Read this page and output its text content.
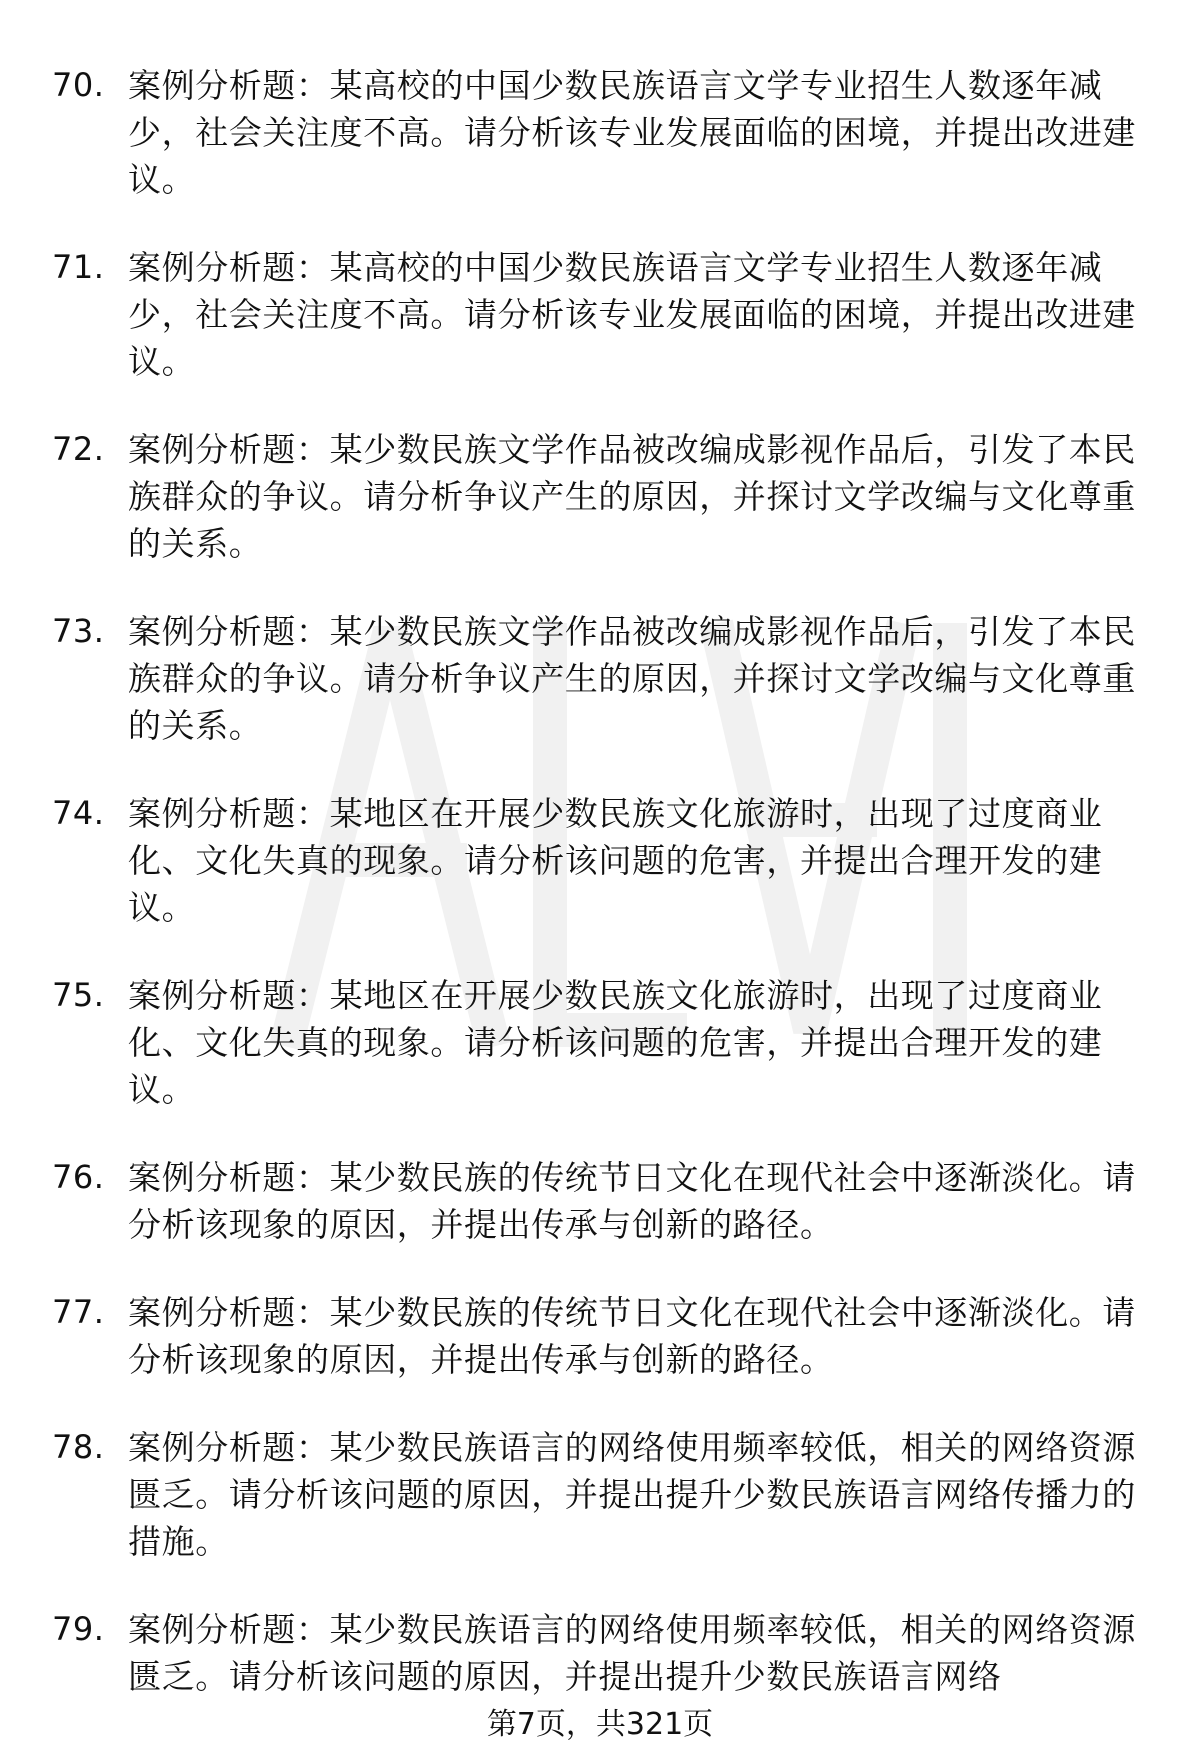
70. 案例分析题：某高校的中国少数民族语言文学专业招生人数逐年减少，社会关注度不高。请分析该专业发展面临的困境，并提出改进建议。
71. 案例分析题：某高校的中国少数民族语言文学专业招生人数逐年减少，社会关注度不高。请分析该专业发展面临的困境，并提出改进建议。
72. 案例分析题：某少数民族文学作品被改编成影视作品后，引发了本民族群众的争议。请分析争议产生的原因，并探讨文学改编与文化尊重的关系。
73. 案例分析题：某少数民族文学作品被改编成影视作品后，引发了本民族群众的争议。请分析争议产生的原因，并探讨文学改编与文化尊重的关系。
74. 案例分析题：某地区在开展少数民族文化旅游时，出现了过度商业化、文化失真的现象。请分析该问题的危害，并提出合理开发的建议。
75. 案例分析题：某地区在开展少数民族文化旅游时，出现了过度商业化、文化失真的现象。请分析该问题的危害，并提出合理开发的建议。
76. 案例分析题：某少数民族的传统节日文化在现代社会中逐渐淡化。请分析该现象的原因，并提出传承与创新的路径。
77. 案例分析题：某少数民族的传统节日文化在现代社会中逐渐淡化。请分析该现象的原因，并提出传承与创新的路径。
78. 案例分析题：某少数民族语言的网络使用频率较低，相关的网络资源匮乏。请分析该问题的原因，并提出提升少数民族语言网络传播力的措施。
79. 案例分析题：某少数民族语言的网络使用频率较低，相关的网络资源匮乏。请分析该问题的原因，并提出提升少数民族语言网络
第7页，共321页
